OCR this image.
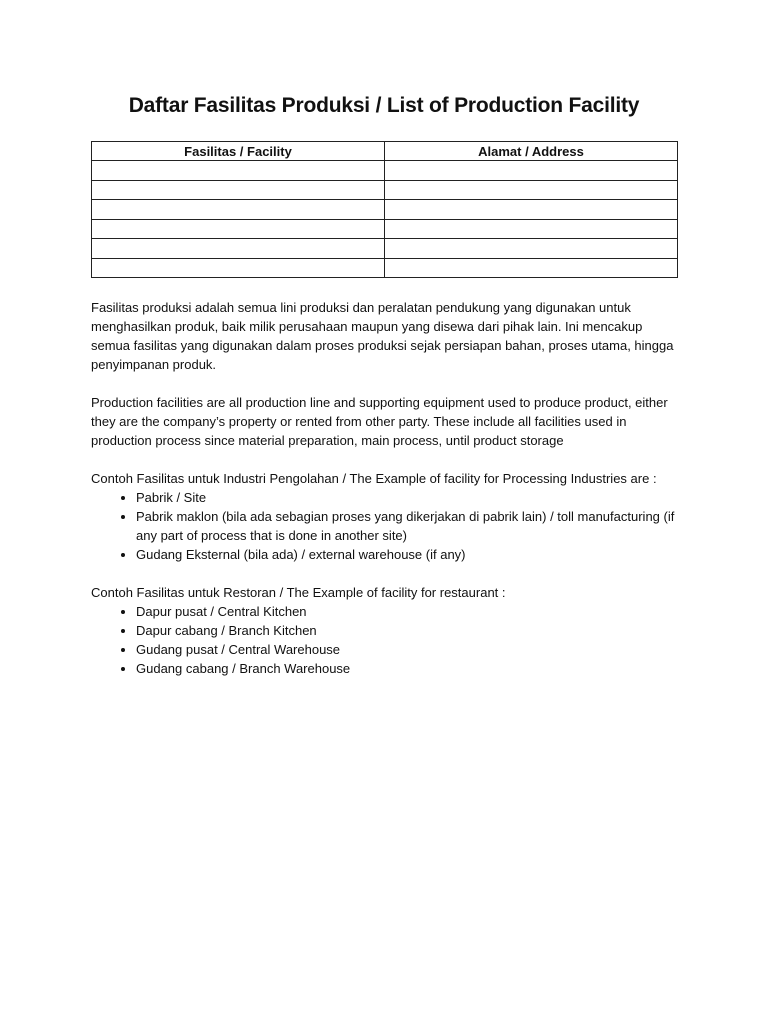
Daftar Fasilitas Produksi / List of Production Facility
Fasilitas / Facility	Alamat / Address

Fasilitas produksi adalah semua lini produksi dan peralatan pendukung yang digunakan untuk menghasilkan produk, baik milik perusahaan maupun yang disewa dari pihak lain. Ini mencakup semua fasilitas yang digunakan dalam proses produksi sejak persiapan bahan, proses utama, hingga penyimpanan produk.

Production facilities are all production line and supporting equipment used to produce product, either they are the company’s property or rented from other party. These include all facilities used in production process since material preparation, main process, until product storage

Contoh Fasilitas untuk Industri Pengolahan / The Example of facility for Processing Industries are :

• Pabrik / Site
• Pabrik maklon (bila ada sebagian proses yang dikerjakan di pabrik lain) / toll manufacturing (if any part of process that is done in another site)
• Gudang Eksternal (bila ada) / external warehouse (if any)

Contoh Fasilitas untuk Restoran / The Example of facility for restaurant :

• Dapur pusat / Central Kitchen
• Dapur cabang / Branch Kitchen
• Gudang pusat / Central Warehouse
• Gudang cabang / Branch Warehouse
